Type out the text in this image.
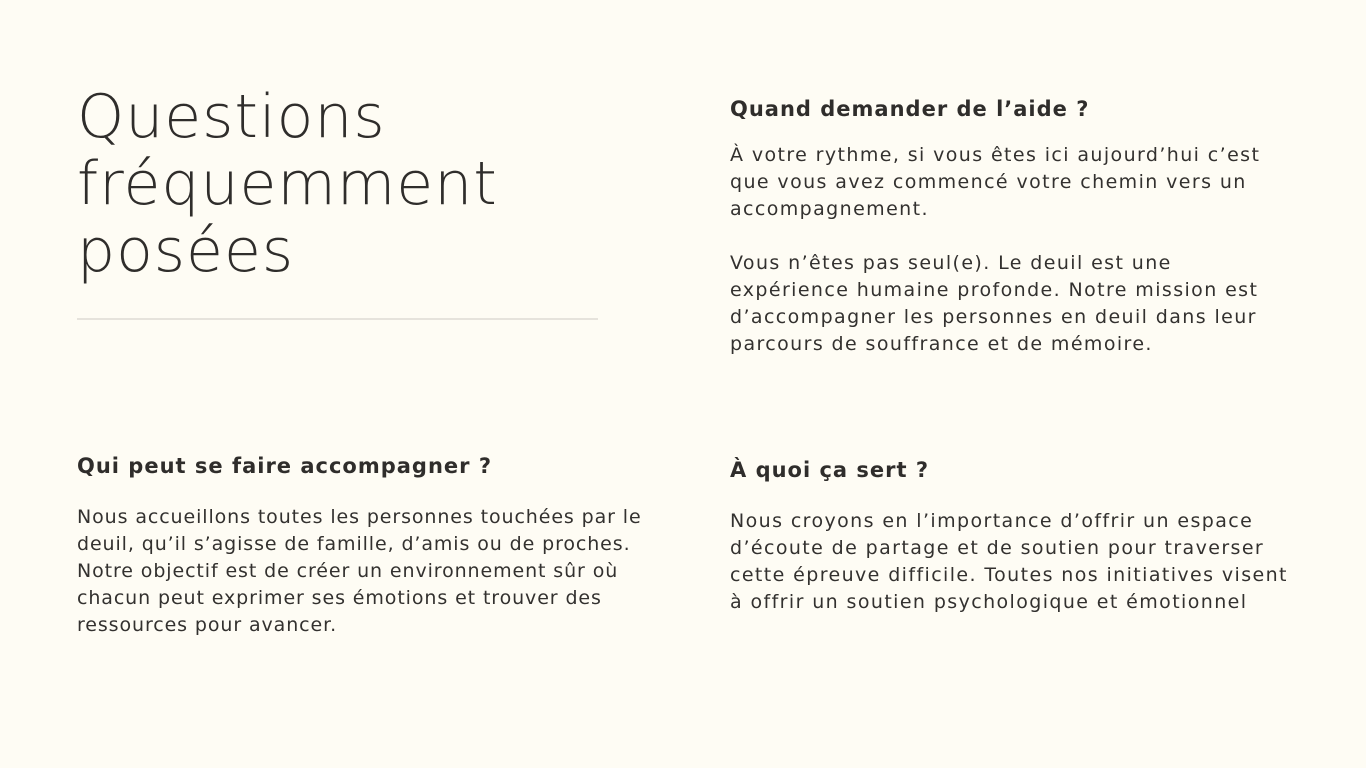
Questions
fréquemment
posées
Quand demander de l’aide ?

À votre rythme, si vous êtes ici aujourd’hui c’est que vous avez commencé votre chemin vers un accompagnement.

Vous n’êtes pas seul(e). Le deuil est une expérience humaine profonde. Notre mission est d’accompagner les personnes en deuil dans leur parcours de souffrance et de mémoire.

Qui peut se faire accompagner ?

Nous accueillons toutes les personnes touchées par le deuil, qu’il s’agisse de famille, d’amis ou de proches. Notre objectif est de créer un environnement sûr où chacun peut exprimer ses émotions et trouver des ressources pour avancer.

À quoi ça sert ?

Nous croyons en l’importance d’offrir un espace d’écoute de partage et de soutien pour traverser cette épreuve difficile. Toutes nos initiatives visent à offrir un soutien psychologique et émotionnel
